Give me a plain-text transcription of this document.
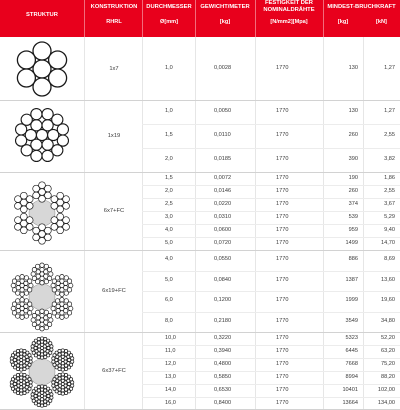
STRUKTUR
KONSTRUKTION	DURCHMESSER	GEWICHT/METER
FESTIGKEIT DER
NOMINALDRÄHTE	MINDEST-BRUCHKRAFT
RHRL	Ø[mm]	[kg]	[N/mm2][Mpa]	[kg]	[kN]
1x7	1,0	0,0028	1770	130	1,27
1x19
1,0	0,0050	1770	130	1,27
1,5	0,0110	1770	260	2,55
2,0	0,0185	1770	390	3,82
6x7+FC
1,5	0,0072	1770	190	1,86
2,0	0,0146	1770	260	2,55
2,5	0,0220	1770	374	3,67
3,0	0,0310	1770	539	5,29
4,0	0,0600	1770	959	9,40
5,0	0,0720	1770	1499	14,70
6x19+FC
4,0	0,0550	1770	886	8,69
5,0	0,0840	1770	1387	13,60
6,0	0,1200	1770	1999	19,60
8,0	0,2180	1770	3549	34,80
6x37+FC
10,0	0,3220	1770	5323	52,20
11,0	0,3940	1770	6445	63,20
12,0	0,4800	1770	7668	75,20
13,0	0,5850	1770	8994	88,20
14,0	0,6530	1770	10401	102,00
16,0	0,8400	1770	13664	134,00
